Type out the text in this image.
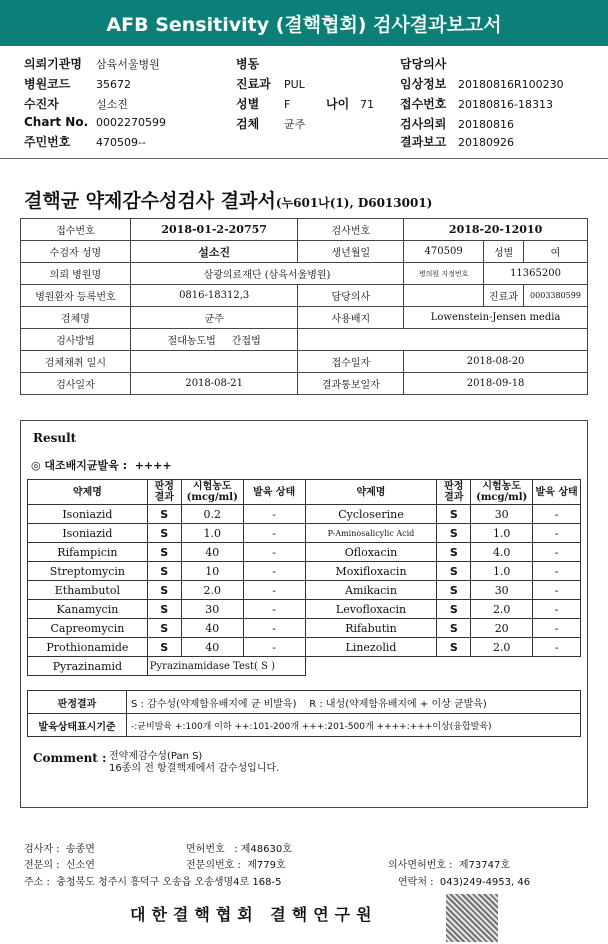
AFB Sensitivity (결핵협회) 검사결과보고서
의뢰기관명 삼육서울병원
병원코드 35672
수진자	설소진
Chart No. 0002270599
주민번호 470509--
병동
진료과 PUL
성별 F	나이 71
검체 균주
담당의사
임상정보 20180816R100230
접수번호 20180816-18313
검사의뢰 20180816
결과보고 20180926
결핵균 약제감수성검사 결과서(누601나(1), D6013001)
접수번호	2018-01-2-20757	검사번호	2018-20-12010		
수검자 성명	설소진	생년월일	470509	성별	여
의뢰 병원명	삼광의료재단 (삼육서울병원)		병의원 지정번호	11365200	
병원환자 등록번호	0816-18312,3	담당의사		진료과	0003380599
검체명	균주	사용배지	Lowenstein-Jensen media		
검사방법	절대농도법 간접법				
검체채취 일시		접수일자	2018-08-20		
검사일자	2018-08-21	결과통보일자	2018-09-18		
Result
◎ 대조배지균발육 : ++++
약제명	판정 결과	시험농도 (mcg/ml)	발육 상태	약제명	판정 결과	시험농도 (mcg/ml)	발육 상태
Isoniazid	S	0.2	-	Cycloserine	S	30	-
Isoniazid	S	1.0	-	P-Aminosalicylic Acid	S	1.0	-
Rifampicin	S	40	-	Ofloxacin	S	4.0	-
Streptomycin	S	10	-	Moxifloxacin	S	1.0	-
Ethambutol	S	2.0	-	Amikacin	S	30	-
Kanamycin	S	30	-	Levofloxacin	S	2.0	-
Capreomycin	S	40	-	Rifabutin	S	20	-
Prothionamide	S	40	-	Linezolid	S	2.0	-
Pyrazinamid	Pyrazinamidase Test( S )						
판정결과	S : 감수성(약제함유배지에 균 비발육) R : 내성(약제함유배지에 + 이상 균발육)
발육상태표시기준	-:균비발육 +:100개 이하 ++:101-200개 +++:201-500개 ++++:+++이상(융합발육)
Comment : 전약제감수성(Pan S)
16종의 전 항결핵제에서 감수성입니다.
검사자 : 송종면	면허번호 : 제48630호
전문의 : 신소연	전문의번호 : 제779호	의사면허번호 : 제73747호
주소 : 충청북도 청주시 흥덕구 오송읍 오송생명4로 168-5	연락처 : 043)249-4953, 46
대한결핵협회 결핵연구원
